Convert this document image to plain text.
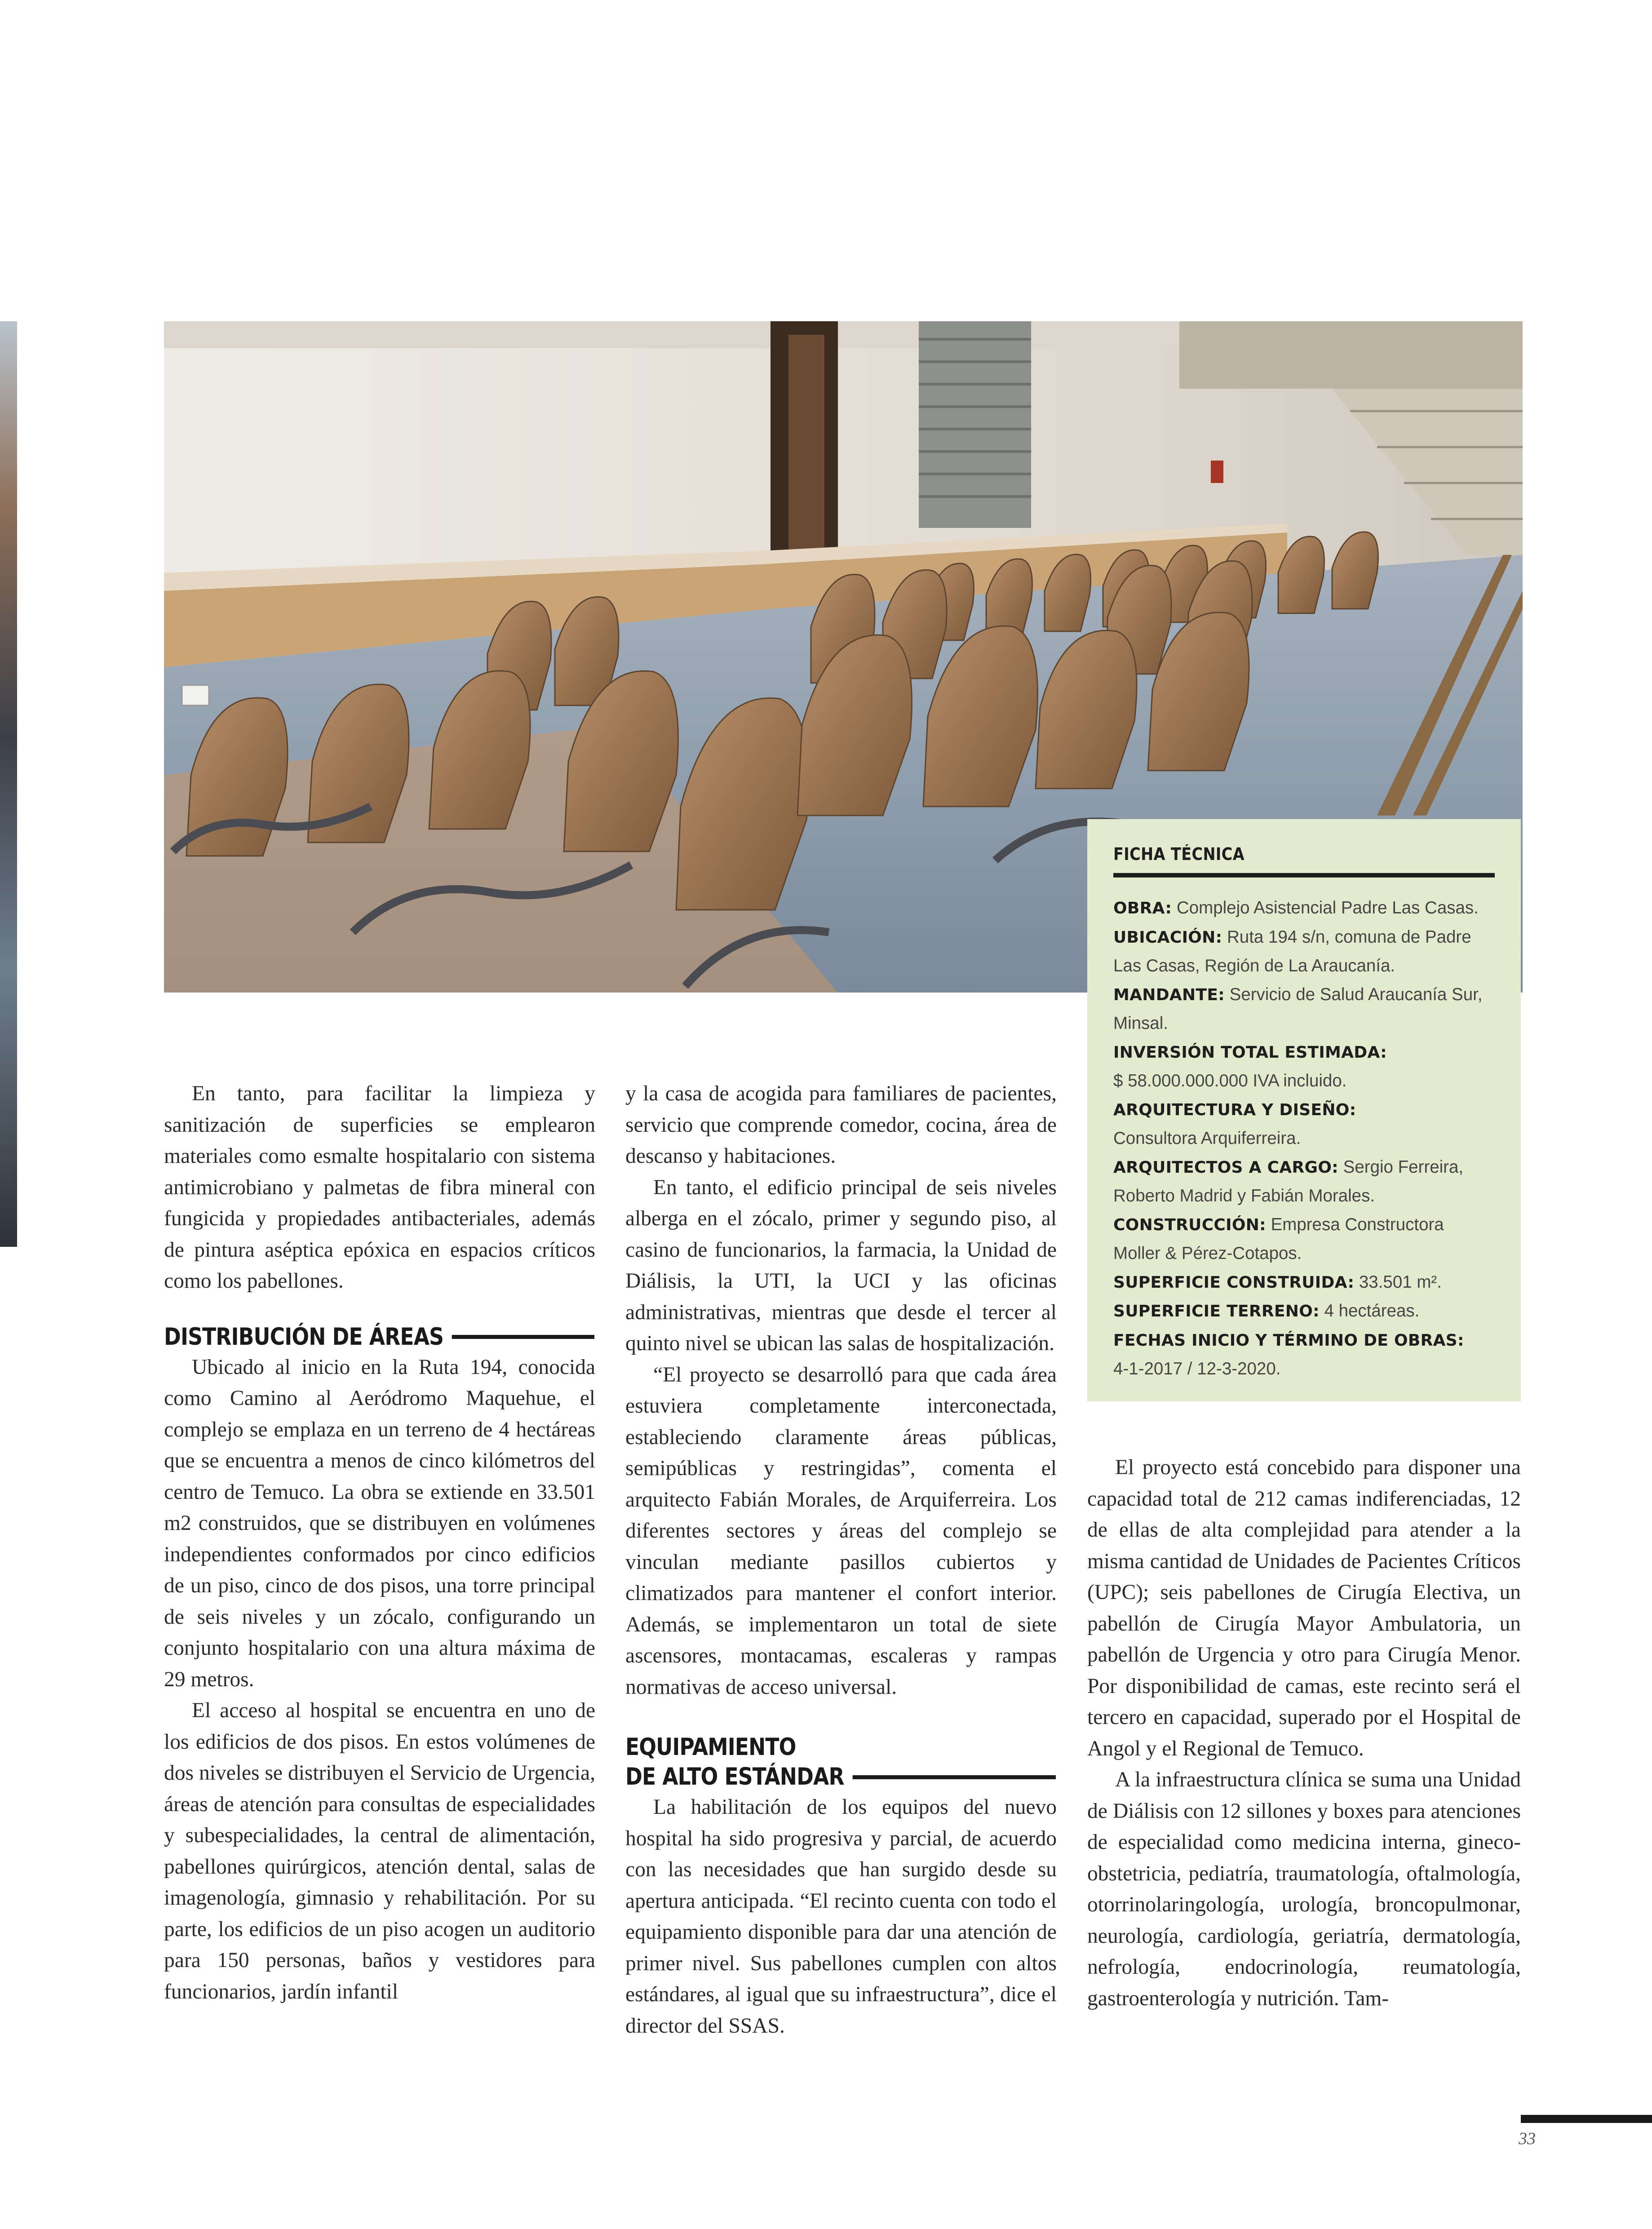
En tanto, para facilitar la limpieza y sanitización de superficies se emplearon materiales como esmalte hospitalario con sistema antimicrobiano y palmetas de fibra mineral con fungicida y propiedades antibacteriales, además de pintura aséptica epóxica en espacios críticos como los pabellones.

DISTRIBUCIÓN DE ÁREAS

Ubicado al inicio en la Ruta 194, conocida como Camino al Aeródromo Maquehue, el complejo se emplaza en un terreno de 4 hectáreas que se encuentra a menos de cinco kilómetros del centro de Temuco. La obra se extiende en 33.501 m2 construidos, que se distribuyen en volúmenes independientes conformados por cinco edificios de un piso, cinco de dos pisos, una torre principal de seis niveles y un zócalo, configurando un conjunto hospitalario con una altura máxima de 29 metros.

El acceso al hospital se encuentra en uno de los edificios de dos pisos. En estos volúmenes de dos niveles se distribuyen el Servicio de Urgencia, áreas de atención para consultas de especialidades y subespecialidades, la central de alimentación, pabellones quirúrgicos, atención dental, salas de imagenología, gimnasio y rehabilitación. Por su parte, los edificios de un piso acogen un auditorio para 150 personas, baños y vestidores para funcionarios, jardín infantil

y la casa de acogida para familiares de pacientes, servicio que comprende comedor, cocina, área de descanso y habitaciones.

En tanto, el edificio principal de seis niveles alberga en el zócalo, primer y segundo piso, al casino de funcionarios, la farmacia, la Unidad de Diálisis, la UTI, la UCI y las oficinas administrativas, mientras que desde el tercer al quinto nivel se ubican las salas de hospitalización.

“El proyecto se desarrolló para que cada área estuviera completamente interconectada, estableciendo claramente áreas públicas, semipúblicas y restringidas”, comenta el arquitecto Fabián Morales, de Arquiferreira. Los diferentes sectores y áreas del complejo se vinculan mediante pasillos cubiertos y climatizados para mantener el confort interior. Además, se implementaron un total de siete ascensores, montacamas, escaleras y rampas normativas de acceso universal.

EQUIPAMIENTO
DE ALTO ESTÁNDAR

La habilitación de los equipos del nuevo hospital ha sido progresiva y parcial, de acuerdo con las necesidades que han surgido desde su apertura anticipada. “El recinto cuenta con todo el equipamiento disponible para dar una atención de primer nivel. Sus pabellones cumplen con altos estándares, al igual que su infraestructura”, dice el director del SSAS.

FICHA TÉCNICA

OBRA: Complejo Asistencial Padre Las Casas.

UBICACIÓN: Ruta 194 s/n, comuna de Padre Las Casas, Región de La Araucanía.

MANDANTE: Servicio de Salud Araucanía Sur, Minsal.

INVERSIÓN TOTAL ESTIMADA:
$ 58.000.000.000 IVA incluido.

ARQUITECTURA Y DISEÑO:
Consultora Arquiferreira.

ARQUITECTOS A CARGO: Sergio Ferreira, Roberto Madrid y Fabián Morales.

CONSTRUCCIÓN: Empresa Constructora Moller & Pérez-Cotapos.

SUPERFICIE CONSTRUIDA: 33.501 m².

SUPERFICIE TERRENO: 4 hectáreas.

FECHAS INICIO Y TÉRMINO DE OBRAS:
4-1-2017 / 12-3-2020.

El proyecto está concebido para disponer una capacidad total de 212 camas indiferenciadas, 12 de ellas de alta complejidad para atender a la misma cantidad de Unidades de Pacientes Críticos (UPC); seis pabellones de Cirugía Electiva, un pabellón de Cirugía Mayor Ambulatoria, un pabellón de Urgencia y otro para Cirugía Menor. Por disponibilidad de camas, este recinto será el tercero en capacidad, superado por el Hospital de Angol y el Regional de Temuco.

A la infraestructura clínica se suma una Unidad de Diálisis con 12 sillones y boxes para atenciones de especialidad como medicina interna, gineco-obstetricia, pediatría, traumatología, oftalmología, otorrinolaringología, urología, broncopulmonar, neurología, cardiología, geriatría, dermatología, nefrología, endocrinología, reumatología, gastroenterología y nutrición. Tam-

33
